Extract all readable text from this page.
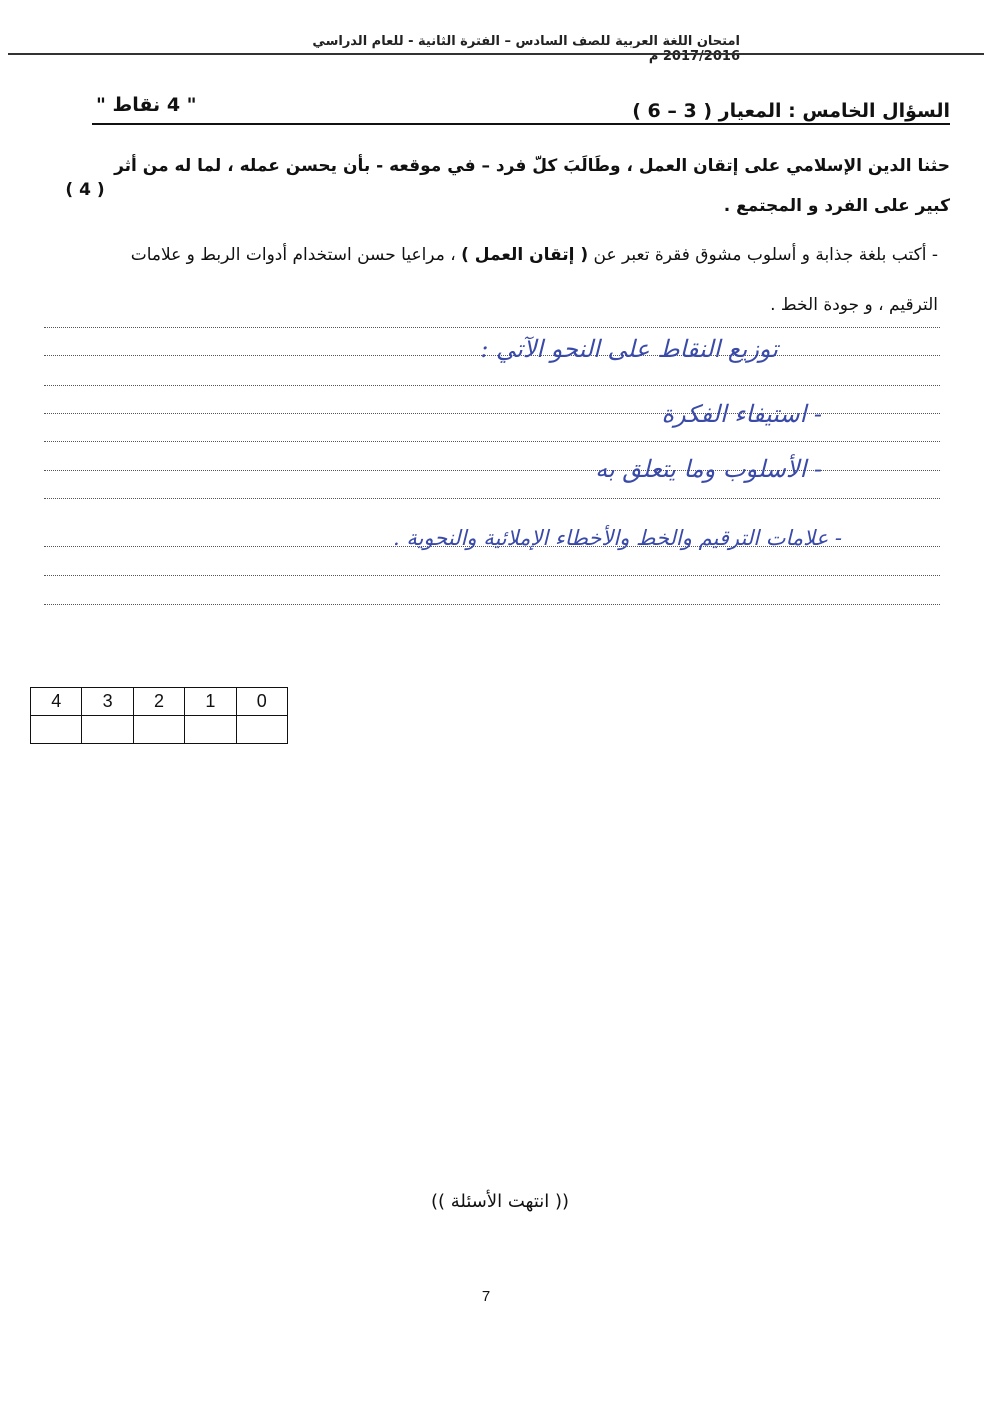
امتحان اللغة العربية للصف السادس – الفترة الثانية - للعام الدراسي 2017/2016 م
السؤال الخامس : المعيار ( 3 – 6 )
" 4 نقاط "
حثنا الدين الإسلامي على إتقان العمل ، وطَالَبَ كلّ فرد – في موقعه - بأن يحسن عمله ، لما له من أثر كبير على الفرد و المجتمع .
( 4 )
- أكتب بلغة جذابة و أسلوب مشوق فقرة تعبر عن ( إتقان العمل ) ، مراعيا حسن استخدام أدوات الربط و علامات الترقيم ، و جودة الخط .
توزيع النقاط على النحو الآتي :
- استيفاء الفكرة
- الأسلوب وما يتعلق به
- علامات الترقيم والخط والأخطاء الإملائية والنحوية .
4	3	2	1	0

(( انتهت الأسئلة ))
7
